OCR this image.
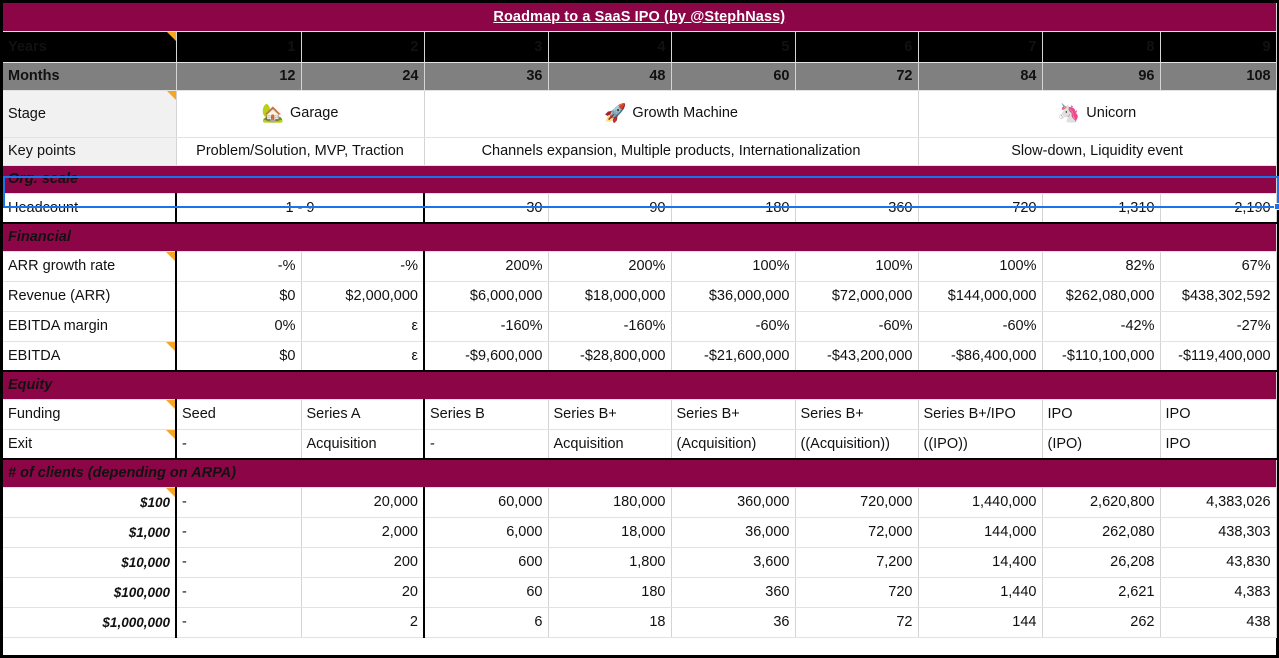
Roadmap to a SaaS IPO (by @StephNass)									
Years	1	2	3	4	5	6	7	8	9
Months	12	24	36	48	60	72	84	96	108
Stage	🏡 Garage		🚀 Growth Machine				🦄 Unicorn		
Key points	Problem/Solution, MVP, Traction		Channels expansion, Multiple products, Internationalization				Slow-down, Liquidity event		
Org. scale									
Headcount	1 - 9		30	90	180	360	720	1,310	2,190
Financial									
ARR growth rate	-%	-%	200%	200%	100%	100%	100%	82%	67%
Revenue (ARR)	$0	$2,000,000	$6,000,000	$18,000,000	$36,000,000	$72,000,000	$144,000,000	$262,080,000	$438,302,592
EBITDA margin	0%	ε	-160%	-160%	-60%	-60%	-60%	-42%	-27%
EBITDA	$0	ε	-$9,600,000	-$28,800,000	-$21,600,000	-$43,200,000	-$86,400,000	-$110,100,000	-$119,400,000
Equity									
Funding	Seed	Series A	Series B	Series B+	Series B+	Series B+	Series B+/IPO	IPO	IPO
Exit	-	Acquisition	-	Acquisition	(Acquisition)	((Acquisition))	((IPO))	(IPO)	IPO
# of clients (depending on ARPA)									
$100	-	20,000	60,000	180,000	360,000	720,000	1,440,000	2,620,800	4,383,026
$1,000	-	2,000	6,000	18,000	36,000	72,000	144,000	262,080	438,303
$10,000	-	200	600	1,800	3,600	7,200	14,400	26,208	43,830
$100,000	-	20	60	180	360	720	1,440	2,621	4,383
$1,000,000	-	2	6	18	36	72	144	262	438
